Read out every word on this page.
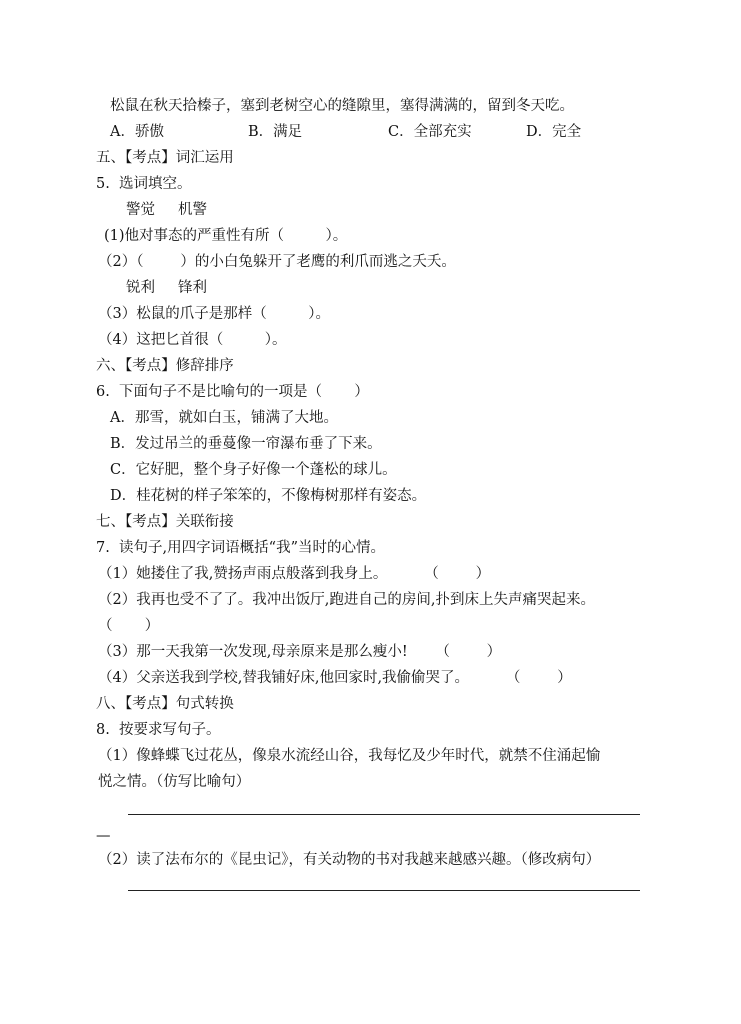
松鼠在秋天拾榛子，塞到老树空心的缝隙里，塞得满满的，留到冬天吃。
A．骄傲	B．满足	C．全部充实	D．完全
五、【考点】词汇运用
5.  选词填空。
警觉     机警
(1)他对事态的严重性有所（         ）。
（2）（        ）的小白兔躲开了老鹰的利爪而逃之夭夭。
锐利     锋利
（3）松鼠的爪子是那样（         ）。
（4）这把匕首很（         ）。
六、【考点】修辞排序
6.  下面句子不是比喻句的一项是（       ）
A．那雪，就如白玉，铺满了大地。
B．发过吊兰的垂蔓像一帘瀑布垂了下来。
C．它好肥，整个身子好像一个蓬松的球儿。
D．桂花树的样子笨笨的，不像梅树那样有姿态。
七、【考点】关联衔接
7.  读句子,用四字词语概括“我”当时的心情。
（1）她搂住了我,赞扬声雨点般落到我身上。        （        ）
（2）我再也受不了了。我冲出饭厅,跑进自己的房间,扑到床上失声痛哭起来。
（       ）
（3）那一天我第一次发现,母亲原来是那么瘦小!      （        ）
（4）父亲送我到学校,替我铺好床,他回家时,我偷偷哭了。        （        ）
八、【考点】句式转换
8.  按要求写句子。
（1）像蜂蝶飞过花丛，像泉水流经山谷，我每忆及少年时代，就禁不住涌起愉
悦之情。（仿写比喻句）
—
（2）读了法布尔的《昆虫记》，有关动物的书对我越来越感兴趣。（修改病句）
